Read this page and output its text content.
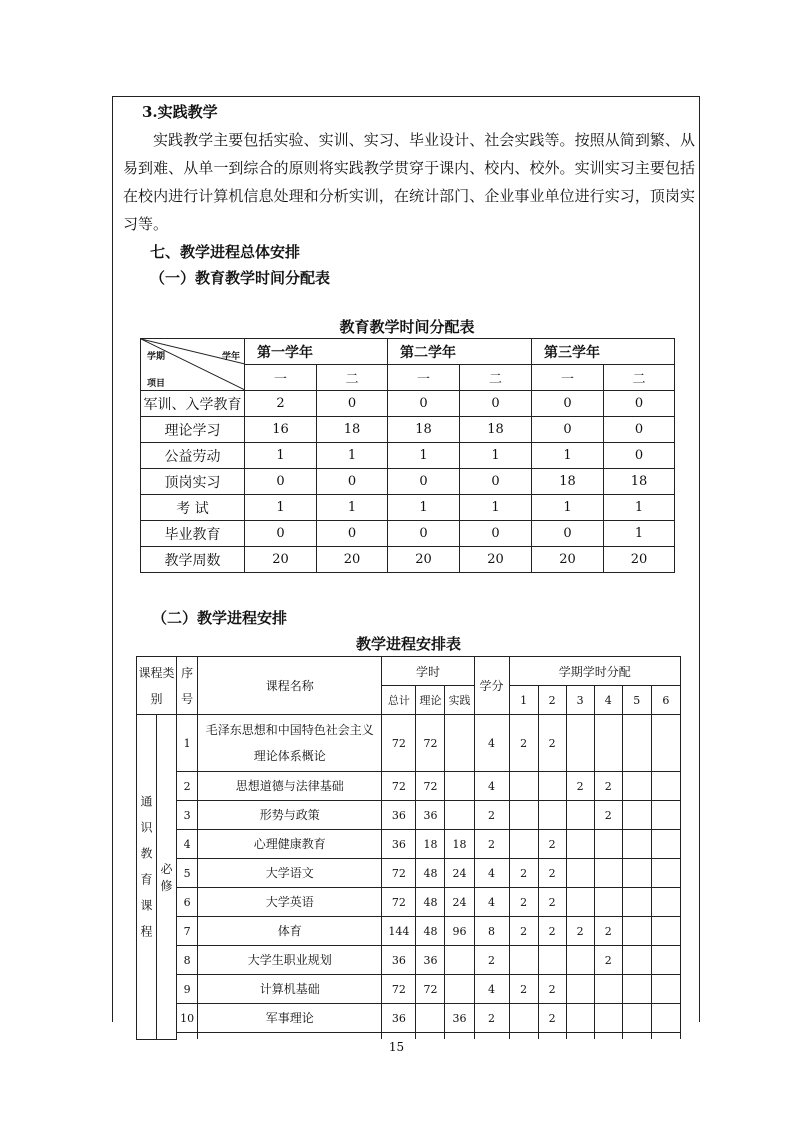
3.实践教学

实践教学主要包括实验、实训、实习、毕业设计、社会实践等。按照从简到繁、从易到难、从单一到综合的原则将实践教学贯穿于课内、校内、校外。实训实习主要包括在校内进行计算机信息处理和分析实训，在统计部门、企业事业单位进行实习，顶岗实习等。

七、教学进程总体安排
（一）教育教学时间分配表
教育教学时间分配表
学期 学年
项目	第一学年		第二学年		第三学年	
	一	二	一	二	一	二
军训、入学教育	2	0	0	0	0	0
理论学习	16	18	18	18	0	0
公益劳动	1	1	1	1	1	0
顶岗实习	0	0	0	0	18	18
考 试	1	1	1	1	1	1
毕业教育	0	0	0	0	0	1
教学周数	20	20	20	20	20	20
（二）教学进程安排
教学进程安排表
课程类别		序号	课程名称	学时			学分	学期学时分配					
				总计	理论	实践		1	2	3	4	5	6
通识教育课程	必修	1	毛泽东思想和中国特色社会主义理论体系概论	72	72		4	2	2				
		2	思想道德与法律基础	72	72		4			2	2		
		3	形势与政策	36	36		2				2		
		4	心理健康教育	36	18	18	2		2				
		5	大学语文	72	48	24	4	2	2				
		6	大学英语	72	48	24	4	2	2				
		7	体育	144	48	96	8	2	2	2	2		
		8	大学生职业规划	36	36		2				2		
		9	计算机基础	72	72		4	2	2				
		10	军事理论	36		36	2		2				

15
